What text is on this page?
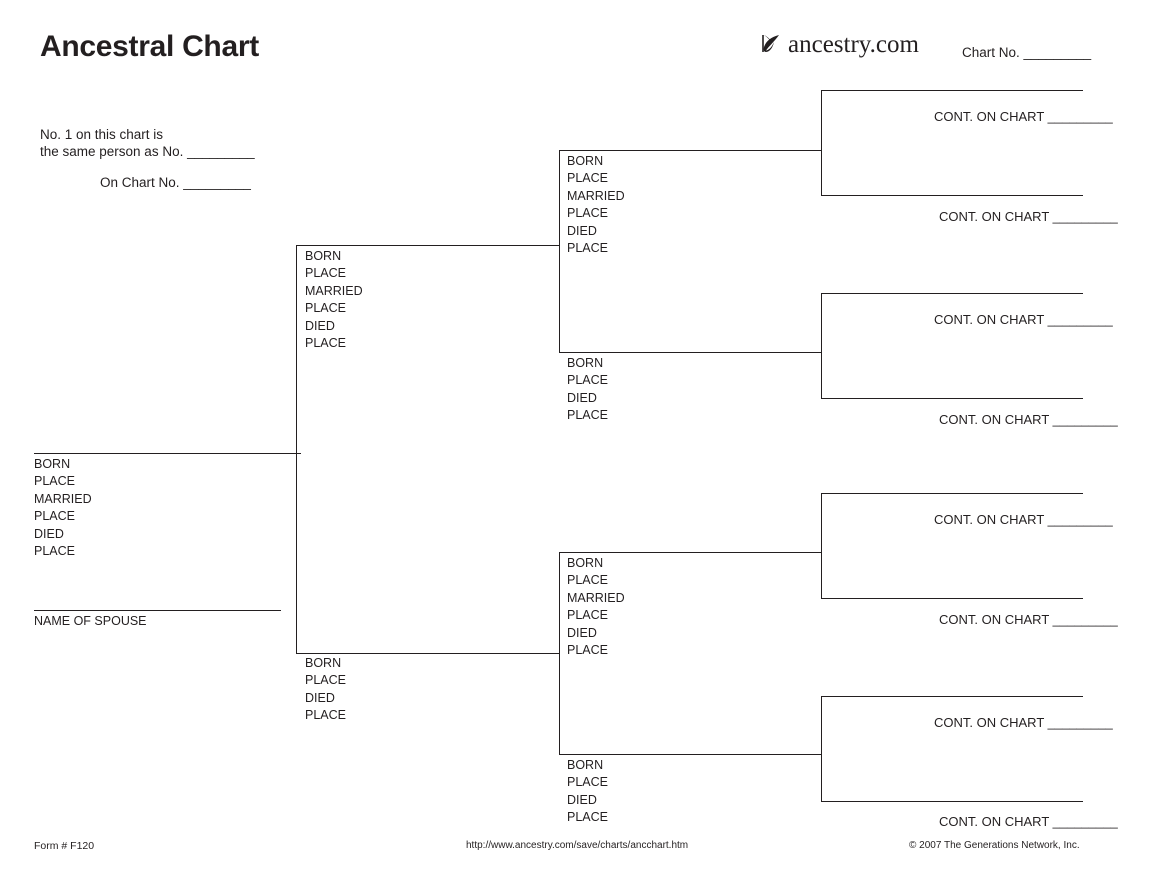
Ancestral Chart	ancestry.com	Chart No. _________
No. 1 on this chart is
the same person as No. _________
On Chart No. _________
BORN
PLACE
MARRIED
PLACE
DIED
PLACE
NAME OF SPOUSE
BORN
PLACE
MARRIED
PLACE
DIED
PLACE
BORN
PLACE
DIED
PLACE
BORN
PLACE
MARRIED
PLACE
DIED
PLACE
BORN
PLACE
DIED
PLACE
BORN
PLACE
MARRIED
PLACE
DIED
PLACE
BORN
PLACE
DIED
PLACE
CONT. ON CHART _________
CONT. ON CHART _________
CONT. ON CHART _________
CONT. ON CHART _________
CONT. ON CHART _________
CONT. ON CHART _________
CONT. ON CHART _________
CONT. ON CHART _________
Form # F120	http://www.ancestry.com/save/charts/ancchart.htm	© 2007 The Generations Network, Inc.
